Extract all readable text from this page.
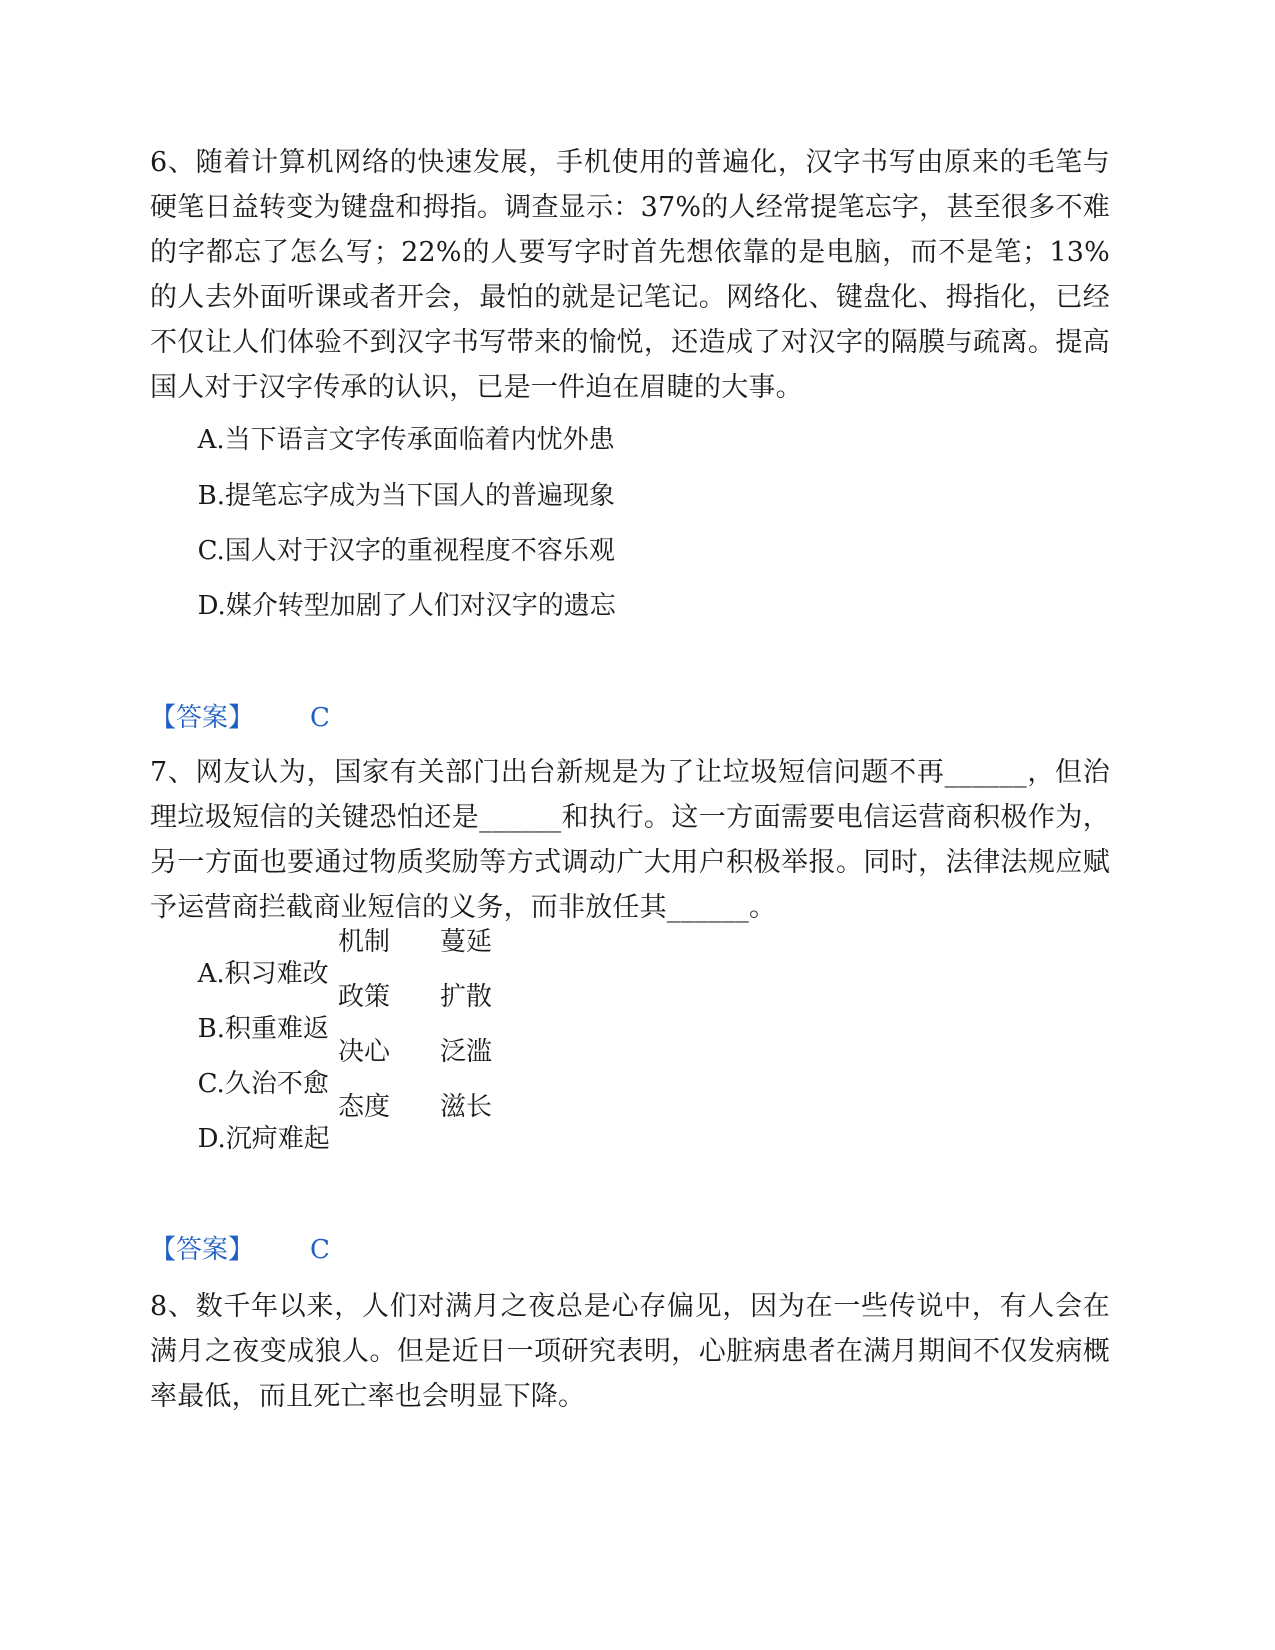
6、随着计算机网络的快速发展，手机使用的普遍化，汉字书写由原来的毛笔与硬笔日益转变为键盘和拇指。调查显示：37%的人经常提笔忘字，甚至很多不难的字都忘了怎么写；22%的人要写字时首先想依靠的是电脑，而不是笔；13%的人去外面听课或者开会，最怕的就是记笔记。网络化、键盘化、拇指化，已经不仅让人们体验不到汉字书写带来的愉悦，还造成了对汉字的隔膜与疏离。提高国人对于汉字传承的认识，已是一件迫在眉睫的大事。

A.当下语言文字传承面临着内忧外患

B.提笔忘字成为当下国人的普遍现象

C.国人对于汉字的重视程度不容乐观

D.媒介转型加剧了人们对汉字的遗忘

【答案】 C

7、网友认为，国家有关部门出台新规是为了让垃圾短信问题不再______，但治理垃圾短信的关键恐怕还是______和执行。这一方面需要电信运营商积极作为，另一方面也要通过物质奖励等方式调动广大用户积极举报。同时，法律法规应赋予运营商拦截商业短信的义务，而非放任其______。

A.积习难改
机制 蔓延

B.积重难返
政策 扩散

C.久治不愈
决心 泛滥

D.沉疴难起
态度 滋长

【答案】 C

8、数千年以来，人们对满月之夜总是心存偏见，因为在一些传说中，有人会在满月之夜变成狼人。但是近日一项研究表明，心脏病患者在满月期间不仅发病概率最低，而且死亡率也会明显下降。
